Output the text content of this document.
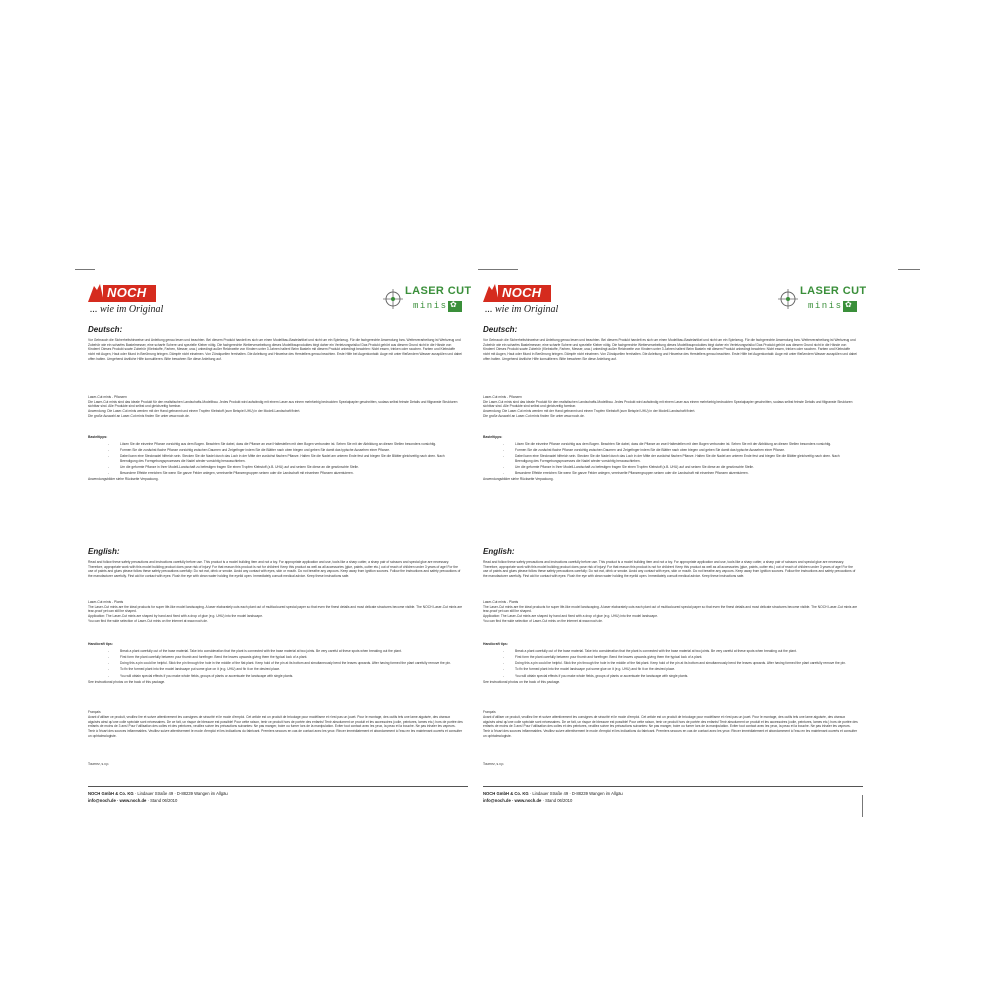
NOCH
... wie im Original
LASER CUT
minis ✿
Deutsch:
Vor Gebrauch die Sicherheitshinweise und Anleitung genau lesen und beachten. Bei diesem Produkt handelt es sich um einen Modellbau-Bastelartikel und nicht um ein Spielzeug. Für die fachgerechte Anwendung bzw. Weiterverarbeitung ist Werkzeug und Zubehör wie ein scharfes Bastelmesser, eine scharfe Schere und spezielle Kleber nötig. Die fachgerechte Weiterverarbeitung dieses Modellbauproduktes birgt daher ein Verletzungsrisiko! Das Produkt gehört aus diesem Grund nicht in die Hände von Kindern! Dieses Produkt sowie Zubehör (Klebstoffe, Farben, Messer, usw.) unbedingt außer Reichweite von Kindern unter 3 Jahren halten! Beim Basteln mit diesem Produkt unbedingt beachten: Nicht essen, trinken oder rauchen. Farben und Klebstoffe nicht mit Augen, Haut oder Mund in Berührung bringen. Dämpfe nicht einatmen. Von Zündquellen fernhalten. Die Anleitung und Hinweise des Herstellers genau beachten. Erste Hilfe bei Augenkontakt: Auge mit unter fließendem Wasser ausspülen und dabei offen halten. Umgehend ärztliche Hilfe konsultieren. Bitte bewahren Sie diese Anleitung auf.
Laser-Cut minis - Pflanzen
Die Laser-Cut minis sind das ideale Produkt für den realistischen Landschafts-Modellbau. Jedes Produkt wird aufwändig mit einem Laser aus einem mehrfarbig bedruckten Spezialpapier geschnitten, sodass selbst feinste Details und filigranste Strukturen sichtbar sind. Alle Produkte sind selbst und gleichzeitig formbar.
Anwendung: Die Laser-Cut minis werden mit der Hand gebrannt und einem Tropfen Klebstoff (zum Beispiel UHU) in der Modell-Landschaft fixiert.
Die große Auswahl an Laser-Cut minis finden Sie unter www.noch.de.
Basteltipps:
- Lösen Sie die einzelne Pflanze vorsichtig aus dem Bogen. Beachten Sie dabei, dass die Pflanze an zwei Haltestellen mit dem Bogen verbunden ist. Sehen Sie mit der Abbildung an diesen Stellen besonders vorsichtig.
- Formen Sie die zunächst flache Pflanze vorsichtig zwischen Daumen und Zeigefinger indem Sie die Blätter nach oben biegen und geben Sie damit das typische Aussehen einer Pflanze.
- Dabei kann eine Stecknadel hilfreich sein. Stecken Sie die Nadel durch das Loch in der Mitte der zunächst flachen Pflanze. Halten Sie die Nadel am unteren Ende fest und biegen Sie die Blätter gleichzeitig nach oben. Nach Beendigung des Formgebungsprozesses die Nadel wieder vorsichtig herausschieben.
- Um die geformte Pflanze in Ihrer Modell-Landschaft zu befestigen fragen Sie einen Tropfen Klebstoff (z.B. UHU) auf und setzen Sie diese an die gewünschte Stelle.
- Besondere Effekte erreichen Sie wenn Sie ganze Felder anlegen, vereinzelte Pflanzengruppen setzen oder die Landschaft mit einzelnen Pflanzen akzentuieren.
Anwendungsbilder siehe Rückseite Verpackung.
English:
Read and follow these safety precautions and instructions carefully before use. This product is a model building item and not a toy. For appropriate application and use, tools like a sharp cutter, a sharp pair of scissors and special glue are necessary. Therefore, appropriate work with this model building product does pose risk of injury! For that reason this product is not for children! Keep this product as well as all accessories (glue, paints, cutter etc.) out of reach of children under 3 years of age! For the use of paints and glues please follow these safety precautions carefully: Do not eat, drink or smoke. Avoid any contact with eyes, skin or mouth. Do not breathe any vapours. Keep away from ignition sources. Follow the instructions and safety precautions of the manufacturer carefully. First aid for contact with eyes: Flush the eye with clean water holding the eyelid open. Immediately consult medical advice. Keep these instructions safe.
Laser-Cut minis - Plants
The Laser-Cut minis are the ideal products for super life-like model landscaping. A laser elaborately cuts each plant out of multicoloured special paper so that even the finest details and most delicate structures become visible. The NOCH Laser-Cut minis are tear-proof yet can still be shaped.
Application: The Laser-Cut minis are shaped by hand and fixed with a drop of glue (e.g. UHU) into the model landscape.
You can find the wide selection of Laser-Cut minis on the internet at www.noch.de.
Handicraft tips:
- Break a plant carefully out of the base material. Take into consideration that the plant is connected with the base material at two joints. Be very careful at these spots when breaking out the plant.
- First form the plant carefully between your thumb and forefinger. Bend the leaves upwards giving them the typical look of a plant.
- Doing this a pin could be helpful. Stick the pin through the hole in the middle of the flat plant. Keep hold of the pin at its bottom and simultaneously bend the leaves upwards. After having formed the plant carefully remove the pin.
- To fix the formed plant into the model landscape put some glue on it (e.g. UHU) and fix it on the desired place.
- You will obtain special effects if you make whole fields, groups of plants or accentuate the landscape with single plants.
See instructional photos on the back of this package.
Français
Avant d'utiliser ce produit, veuillez lire et suivre attentivement les consignes de sécurité et le mode d'emploi. Cet article est un produit de bricolage pour modélisme et n'est pas un jouet. Pour le montage, des outils tels une lame aiguisée, des ciseaux aiguisés ainsi qu'une colle spéciale sont nécessaires. De ce fait, un risque de blessure est possible! Pour cette raison, tenir ce produit hors de portée des enfants! Tenir absolument ce produit et les accessoires (colle, peintures, lames etc.) hors de portée des enfants de moins de 3 ans! Pour l'utilisation des colles et des peintures, veuillez suivre les précautions suivantes: Ne pas manger, boire ou fumer lors de la manipulation. Eviter tout contact avec les yeux, la peau et la bouche. Ne pas inhaler les vapeurs. Tenir à l'écart des sources inflammables. Veuillez suivre attentivement le mode d'emploi et les indications du fabricant. Premiers secours en cas de contact avec les yeux: Rincer immédiatement et abondamment à l'eau en les maintenant ouverts et consulter un ophtalmologiste.
Tournez, s.v.p.
NOCH GmbH & Co. KG · Lindauer Straße 49 · D-88239 Wangen im Allgäu
info@noch.de · www.noch.de · Stand 06/2010
NOCH
... wie im Original
LASER CUT
minis ✿
Deutsch:
Vor Gebrauch die Sicherheitshinweise und Anleitung genau lesen und beachten. Bei diesem Produkt handelt es sich um einen Modellbau-Bastelartikel und nicht um ein Spielzeug. Für die fachgerechte Anwendung bzw. Weiterverarbeitung ist Werkzeug und Zubehör wie ein scharfes Bastelmesser, eine scharfe Schere und spezielle Kleber nötig. Die fachgerechte Weiterverarbeitung dieses Modellbauproduktes birgt daher ein Verletzungsrisiko! Das Produkt gehört aus diesem Grund nicht in die Hände von Kindern! Dieses Produkt sowie Zubehör (Klebstoffe, Farben, Messer, usw.) unbedingt außer Reichweite von Kindern unter 3 Jahren halten! Beim Basteln mit diesem Produkt unbedingt beachten: Nicht essen, trinken oder rauchen. Farben und Klebstoffe nicht mit Augen, Haut oder Mund in Berührung bringen. Dämpfe nicht einatmen. Von Zündquellen fernhalten. Die Anleitung und Hinweise des Herstellers genau beachten. Erste Hilfe bei Augenkontakt: Auge mit unter fließendem Wasser ausspülen und dabei offen halten. Umgehend ärztliche Hilfe konsultieren. Bitte bewahren Sie diese Anleitung auf.
Laser-Cut minis - Pflanzen
Die Laser-Cut minis sind das ideale Produkt für den realistischen Landschafts-Modellbau. Jedes Produkt wird aufwändig mit einem Laser aus einem mehrfarbig bedruckten Spezialpapier geschnitten, sodass selbst feinste Details und filigranste Strukturen sichtbar sind. Alle Produkte sind selbst und gleichzeitig formbar.
Anwendung: Die Laser-Cut minis werden mit der Hand gebrannt und einem Tropfen Klebstoff (zum Beispiel UHU) in der Modell-Landschaft fixiert.
Die große Auswahl an Laser-Cut minis finden Sie unter www.noch.de.
Basteltipps:
- Lösen Sie die einzelne Pflanze vorsichtig aus dem Bogen. Beachten Sie dabei, dass die Pflanze an zwei Haltestellen mit dem Bogen verbunden ist. Sehen Sie mit der Abbildung an diesen Stellen besonders vorsichtig.
- Formen Sie die zunächst flache Pflanze vorsichtig zwischen Daumen und Zeigefinger indem Sie die Blätter nach oben biegen und geben Sie damit das typische Aussehen einer Pflanze.
- Dabei kann eine Stecknadel hilfreich sein. Stecken Sie die Nadel durch das Loch in der Mitte der zunächst flachen Pflanze. Halten Sie die Nadel am unteren Ende fest und biegen Sie die Blätter gleichzeitig nach oben. Nach Beendigung des Formgebungsprozesses die Nadel wieder vorsichtig herausschieben.
- Um die geformte Pflanze in Ihrer Modell-Landschaft zu befestigen fragen Sie einen Tropfen Klebstoff (z.B. UHU) auf und setzen Sie diese an die gewünschte Stelle.
- Besondere Effekte erreichen Sie wenn Sie ganze Felder anlegen, vereinzelte Pflanzengruppen setzen oder die Landschaft mit einzelnen Pflanzen akzentuieren.
Anwendungsbilder siehe Rückseite Verpackung.
English:
Read and follow these safety precautions and instructions carefully before use. This product is a model building item and not a toy. For appropriate application and use, tools like a sharp cutter, a sharp pair of scissors and special glue are necessary. Therefore, appropriate work with this model building product does pose risk of injury! For that reason this product is not for children! Keep this product as well as all accessories (glue, paints, cutter etc.) out of reach of children under 3 years of age! For the use of paints and glues please follow these safety precautions carefully: Do not eat, drink or smoke. Avoid any contact with eyes, skin or mouth. Do not breathe any vapours. Keep away from ignition sources. Follow the instructions and safety precautions of the manufacturer carefully. First aid for contact with eyes: Flush the eye with clean water holding the eyelid open. Immediately consult medical advice. Keep these instructions safe.
Laser-Cut minis - Plants
The Laser-Cut minis are the ideal products for super life-like model landscaping. A laser elaborately cuts each plant out of multicoloured special paper so that even the finest details and most delicate structures become visible. The NOCH Laser-Cut minis are tear-proof yet can still be shaped.
Application: The Laser-Cut minis are shaped by hand and fixed with a drop of glue (e.g. UHU) into the model landscape.
You can find the wide selection of Laser-Cut minis on the internet at www.noch.de.
Handicraft tips:
- Break a plant carefully out of the base material. Take into consideration that the plant is connected with the base material at two joints. Be very careful at these spots when breaking out the plant.
- First form the plant carefully between your thumb and forefinger. Bend the leaves upwards giving them the typical look of a plant.
- Doing this a pin could be helpful. Stick the pin through the hole in the middle of the flat plant. Keep hold of the pin at its bottom and simultaneously bend the leaves upwards. After having formed the plant carefully remove the pin.
- To fix the formed plant into the model landscape put some glue on it (e.g. UHU) and fix it on the desired place.
- You will obtain special effects if you make whole fields, groups of plants or accentuate the landscape with single plants.
See instructional photos on the back of this package.
Français
Avant d'utiliser ce produit, veuillez lire et suivre attentivement les consignes de sécurité et le mode d'emploi. Cet article est un produit de bricolage pour modélisme et n'est pas un jouet. Pour le montage, des outils tels une lame aiguisée, des ciseaux aiguisés ainsi qu'une colle spéciale sont nécessaires. De ce fait, un risque de blessure est possible! Pour cette raison, tenir ce produit hors de portée des enfants! Tenir absolument ce produit et les accessoires (colle, peintures, lames etc.) hors de portée des enfants de moins de 3 ans! Pour l'utilisation des colles et des peintures, veuillez suivre les précautions suivantes: Ne pas manger, boire ou fumer lors de la manipulation. Eviter tout contact avec les yeux, la peau et la bouche. Ne pas inhaler les vapeurs. Tenir à l'écart des sources inflammables. Veuillez suivre attentivement le mode d'emploi et les indications du fabricant. Premiers secours en cas de contact avec les yeux: Rincer immédiatement et abondamment à l'eau en les maintenant ouverts et consulter un ophtalmologiste.
Tournez, s.v.p.
NOCH GmbH & Co. KG · Lindauer Straße 49 · D-88239 Wangen im Allgäu
info@noch.de · www.noch.de · Stand 06/2010
